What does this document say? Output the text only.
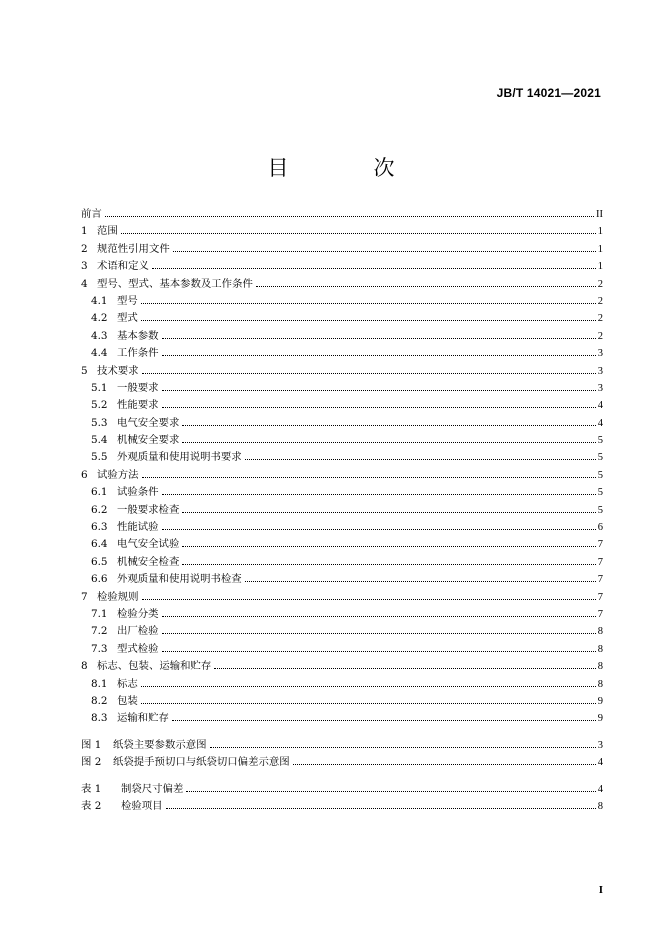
JB/T 14021—2021
目　次
前言	II
1 范围	1
2 规范性引用文件	1
3 术语和定义	1
4 型号、型式、基本参数及工作条件	2
4.1 型号	2
4.2 型式	2
4.3 基本参数	2
4.4 工作条件	3
5 技术要求	3
5.1 一般要求	3
5.2 性能要求	4
5.3 电气安全要求	4
5.4 机械安全要求	5
5.5 外观质量和使用说明书要求	5
6 试验方法	5
6.1 试验条件	5
6.2 一般要求检查	5
6.3 性能试验	6
6.4 电气安全试验	7
6.5 机械安全检查	7
6.6 外观质量和使用说明书检查	7
7 检验规则	7
7.1 检验分类	7
7.2 出厂检验	8
7.3 型式检验	8
8 标志、包装、运输和贮存	8
8.1 标志	8
8.2 包装	9
8.3 运输和贮存	9
图 1	纸袋主要参数示意图	3
图 2	纸袋提手预切口与纸袋切口偏差示意图	4
表 1	制袋尺寸偏差	4
表 2	检验项目	8
I
